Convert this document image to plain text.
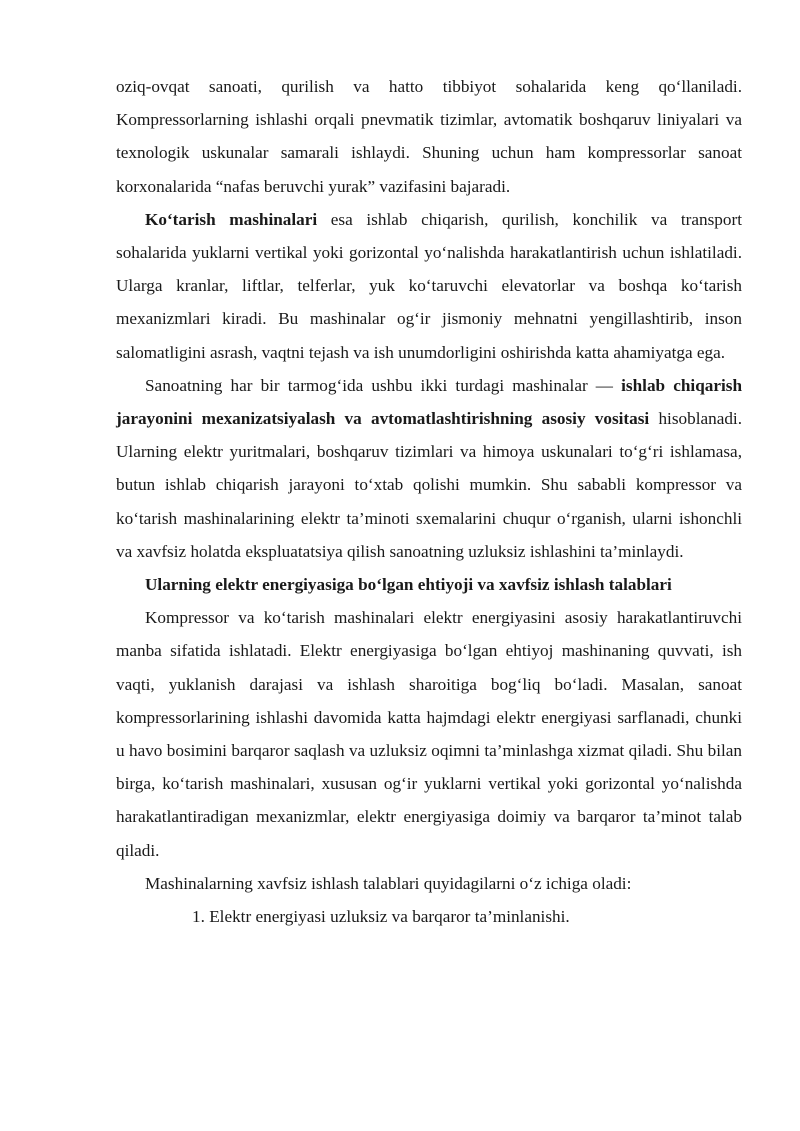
oziq-ovqat sanoati, qurilish va hatto tibbiyot sohalarida keng qo‘llaniladi. Kompressorlarning ishlashi orqali pnevmatik tizimlar, avtomatik boshqaruv liniyalari va texnologik uskunalar samarali ishlaydi. Shuning uchun ham kompressorlar sanoat korxonalarida “nafas beruvchi yurak” vazifasini bajaradi.

Ko‘tarish mashinalari esa ishlab chiqarish, qurilish, konchilik va transport sohalarida yuklarni vertikal yoki gorizontal yo‘nalishda harakatlantirish uchun ishlatiladi. Ularga kranlar, liftlar, telferlar, yuk ko‘taruvchi elevatorlar va boshqa ko‘tarish mexanizmlari kiradi. Bu mashinalar og‘ir jismoniy mehnatni yengillashtirib, inson salomatligini asrash, vaqtni tejash va ish unumdorligini oshirishda katta ahamiyatga ega.

Sanoatning har bir tarmog‘ida ushbu ikki turdagi mashinalar — ishlab chiqarish jarayonini mexanizatsiyalash va avtomatlashtirishning asosiy vositasi hisoblanadi. Ularning elektr yuritmalari, boshqaruv tizimlari va himoya uskunalari to‘g‘ri ishlamasa, butun ishlab chiqarish jarayoni to‘xtab qolishi mumkin. Shu sababli kompressor va ko‘tarish mashinalarining elektr ta’minoti sxemalarini chuqur o‘rganish, ularni ishonchli va xavfsiz holatda ekspluatatsiya qilish sanoatning uzluksiz ishlashini ta’minlaydi.

Ularning elektr energiyasiga bo‘lgan ehtiyoji va xavfsiz ishlash talablari

Kompressor va ko‘tarish mashinalari elektr energiyasini asosiy harakatlantiruvchi manba sifatida ishlatadi. Elektr energiyasiga bo‘lgan ehtiyoj mashinaning quvvati, ish vaqti, yuklanish darajasi va ishlash sharoitiga bog‘liq bo‘ladi. Masalan, sanoat kompressorlarining ishlashi davomida katta hajmdagi elektr energiyasi sarflanadi, chunki u havo bosimini barqaror saqlash va uzluksiz oqimni ta’minlashga xizmat qiladi. Shu bilan birga, ko‘tarish mashinalari, xususan og‘ir yuklarni vertikal yoki gorizontal yo‘nalishda harakatlantiradigan mexanizmlar, elektr energiyasiga doimiy va barqaror ta’minot talab qiladi.

Mashinalarning xavfsiz ishlash talablari quyidagilarni o‘z ichiga oladi:

1. Elektr energiyasi uzluksiz va barqaror ta’minlanishi.
